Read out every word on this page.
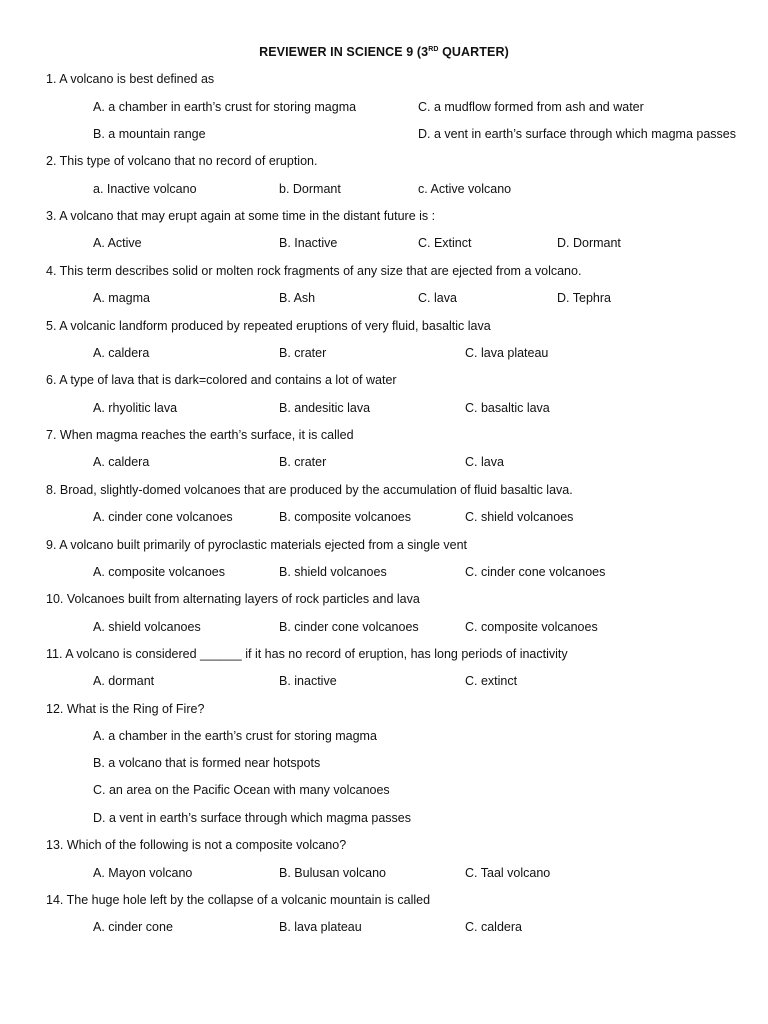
REVIEWER IN SCIENCE 9 (3RD QUARTER)
1. A volcano is best defined as
A. a chamber in earth’s crust for storing magma	C. a mudflow formed from ash and water
B. a mountain range	D. a vent in earth’s surface through which magma passes
2. This type of volcano that no record of eruption.
a. Inactive volcano	b. Dormant	c. Active volcano
3. A volcano that may erupt again at some time in the distant future is :
A. Active	B. Inactive	C. Extinct	D. Dormant
4. This term describes solid or molten rock fragments of any size that are ejected from a volcano.
A. magma	B. Ash	C. lava	D. Tephra
5. A volcanic landform produced by repeated eruptions of very fluid, basaltic lava
A. caldera	B. crater	C. lava plateau
6. A type of lava that is dark=colored and contains a lot of water
A. rhyolitic lava	B. andesitic lava	C. basaltic lava
7. When magma reaches the earth’s surface, it is called
A. caldera	B. crater	C. lava
8. Broad, slightly-domed volcanoes that are produced by the accumulation of fluid basaltic lava.
A. cinder cone volcanoes	B. composite volcanoes	C. shield volcanoes
9. A volcano built primarily of pyroclastic materials ejected from a single vent
A. composite volcanoes	B. shield volcanoes	C. cinder cone volcanoes
10. Volcanoes built from alternating layers of rock particles and lava
A. shield volcanoes	B. cinder cone volcanoes	C. composite volcanoes
11. A volcano is considered ______ if it has no record of eruption, has long periods of inactivity
A. dormant	B. inactive	C. extinct
12. What is the Ring of Fire?
A. a chamber in the earth’s crust for storing magma
B. a volcano that is formed near hotspots
C. an area on the Pacific Ocean with many volcanoes
D. a vent in earth’s surface through which magma passes
13. Which of the following is not a composite volcano?
A. Mayon volcano	B. Bulusan volcano	C. Taal volcano
14. The huge hole left by the collapse of a volcanic mountain is called
A. cinder cone	B. lava plateau	C. caldera
